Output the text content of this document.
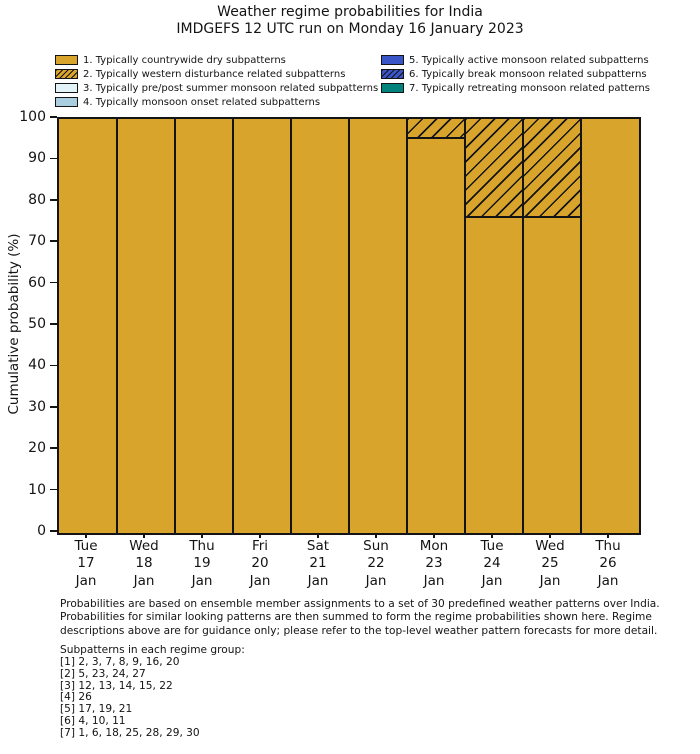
Weather regime probabilities for India
IMDGEFS 12 UTC run on Monday 16 January 2023
1. Typically countrywide dry subpatterns
2. Typically western disturbance related subpatterns
3. Typically pre/post summer monsoon related subpatterns
4. Typically monsoon onset related subpatterns
5. Typically active monsoon related subpatterns
6. Typically break monsoon related subpatterns
7. Typically retreating monsoon related patterns
Cumulative probability (%)
Probabilities are based on ensemble member assignments to a set of 30 predefined weather patterns over India.
Probabilities for similar looking patterns are then summed to form the regime probabilities shown here. Regime
descriptions above are for guidance only; please refer to the top-level weather pattern forecasts for more detail.
Subpatterns in each regime group:
[1] 2, 3, 7, 8, 9, 16, 20
[2] 5, 23, 24, 27
[3] 12, 13, 14, 15, 22
[4] 26
[5] 17, 19, 21
[6] 4, 10, 11
[7] 1, 6, 18, 25, 28, 29, 30
0
10
20
30
40
50
60
70
80
90
100
Tue
17
Jan
Wed
18
Jan
Thu
19
Jan
Fri
20
Jan
Sat
21
Jan
Sun
22
Jan
Mon
23
Jan
Tue
24
Jan
Wed
25
Jan
Thu
26
Jan
